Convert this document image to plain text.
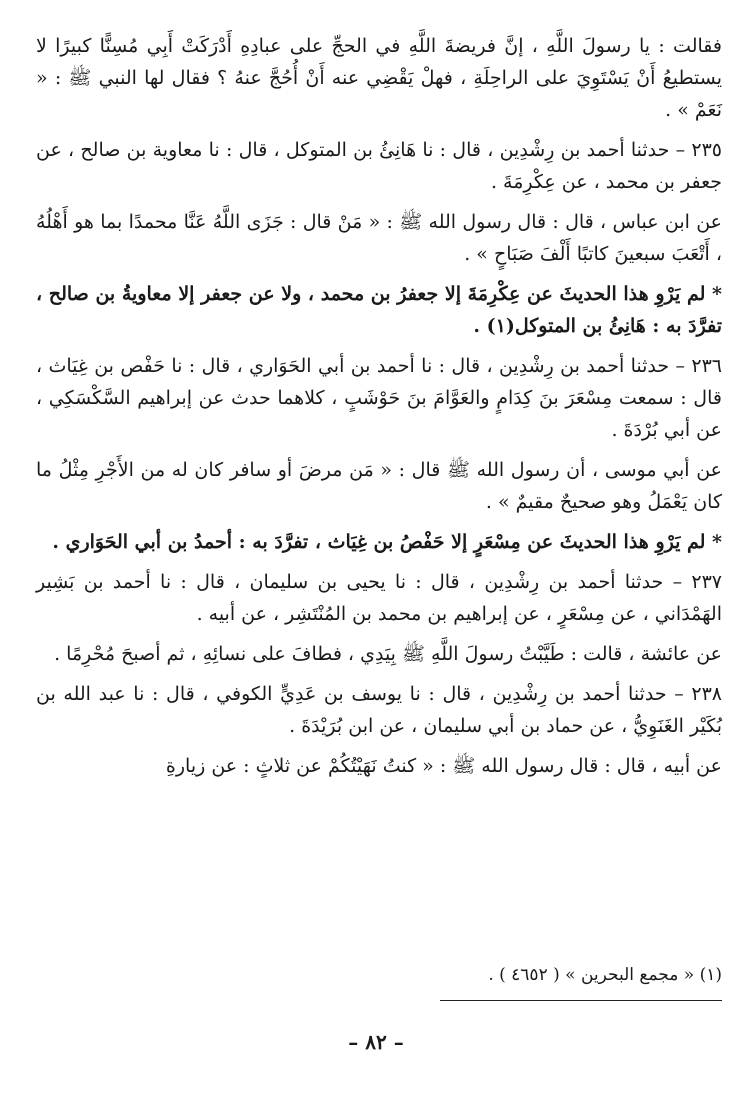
فقالت : يا رسولَ اللَّهِ ، إنَّ فريضةَ اللَّهِ في الحجِّ على عبادِهِ أَدْرَكَتْ أَبِي مُسِنًّا كبيرًا لا يستطيعُ أَنْ يَسْتَوِيَ على الراحِلَةِ ، فهلْ يَقْضِي عنه أَنْ أُحُجَّ عنهُ ؟ فقال لها النبي ﷺ : « نَعَمْ » .

٢٣٥ – حدثنا أحمد بن رِشْدِين ، قال : نا هَانِئُ بن المتوكل ، قال : نا معاوية بن صالح ، عن جعفر بن محمد ، عن عِكْرِمَةَ .

عن ابن عباس ، قال : قال رسول الله ﷺ : « مَنْ قال : جَزَى اللَّهُ عَنَّا محمدًا بما هو أَهْلُهُ ، أَتْعَبَ سبعينَ كاتبًا أَلْفَ صَبَاحٍ » .

* لم يَرْوِ هذا الحديثَ عن عِكْرِمَةَ إلا جعفرُ بن محمد ، ولا عن جعفر إلا معاويةُ بن صالح ، تفرَّدَ به : هَانِئُ بن المتوكل(١) .

٢٣٦ – حدثنا أحمد بن رِشْدِين ، قال : نا أحمد بن أبي الحَوَاري ، قال : نا حَفْص بن غِيَاث ، قال : سمعت مِسْعَرَ بنَ كِدَامٍ والعَوَّامَ بنَ حَوْشَبٍ ، كلاهما حدث عن إبراهيم السَّكْسَكِي ، عن أبي بُرْدَةَ .

عن أبي موسى ، أن رسول الله ﷺ قال : « مَن مرضَ أو سافر كان له من الأَجْرِ مِثْلُ ما كان يَعْمَلُ وهو صحيحٌ مقيمٌ » .

* لم يَرْوِ هذا الحديثَ عن مِسْعَرٍ إلا حَفْصُ بن غِيَاث ، تفرَّدَ به : أحمدُ بن أبي الحَوَاري .

٢٣٧ – حدثنا أحمد بن رِشْدِين ، قال : نا يحيى بن سليمان ، قال : نا أحمد بن بَشِير الهَمْدَاني ، عن مِسْعَرٍ ، عن إبراهيم بن محمد بن المُنْتَشِر ، عن أبيه .

عن عائشة ، قالت : طَيَّبْتُ رسولَ اللَّهِ ﷺ بِيَدِي ، فطافَ على نسائِهِ ، ثم أصبحَ مُحْرِمًا .

٢٣٨ – حدثنا أحمد بن رِشْدِين ، قال : نا يوسف بن عَدِيٍّ الكوفي ، قال : نا عبد الله بن بُكَيْر الغَنَوِيُّ ، عن حماد بن أبي سليمان ، عن ابن بُرَيْدَةَ .

عن أبيه ، قال : قال رسول الله ﷺ : « كنتُ نَهَيْتُكُمْ عن ثلاثٍ : عن زيارةِ

(١) « مجمع البحرين » ( ٤٦٥٢ ) .
– ٨٢ –
